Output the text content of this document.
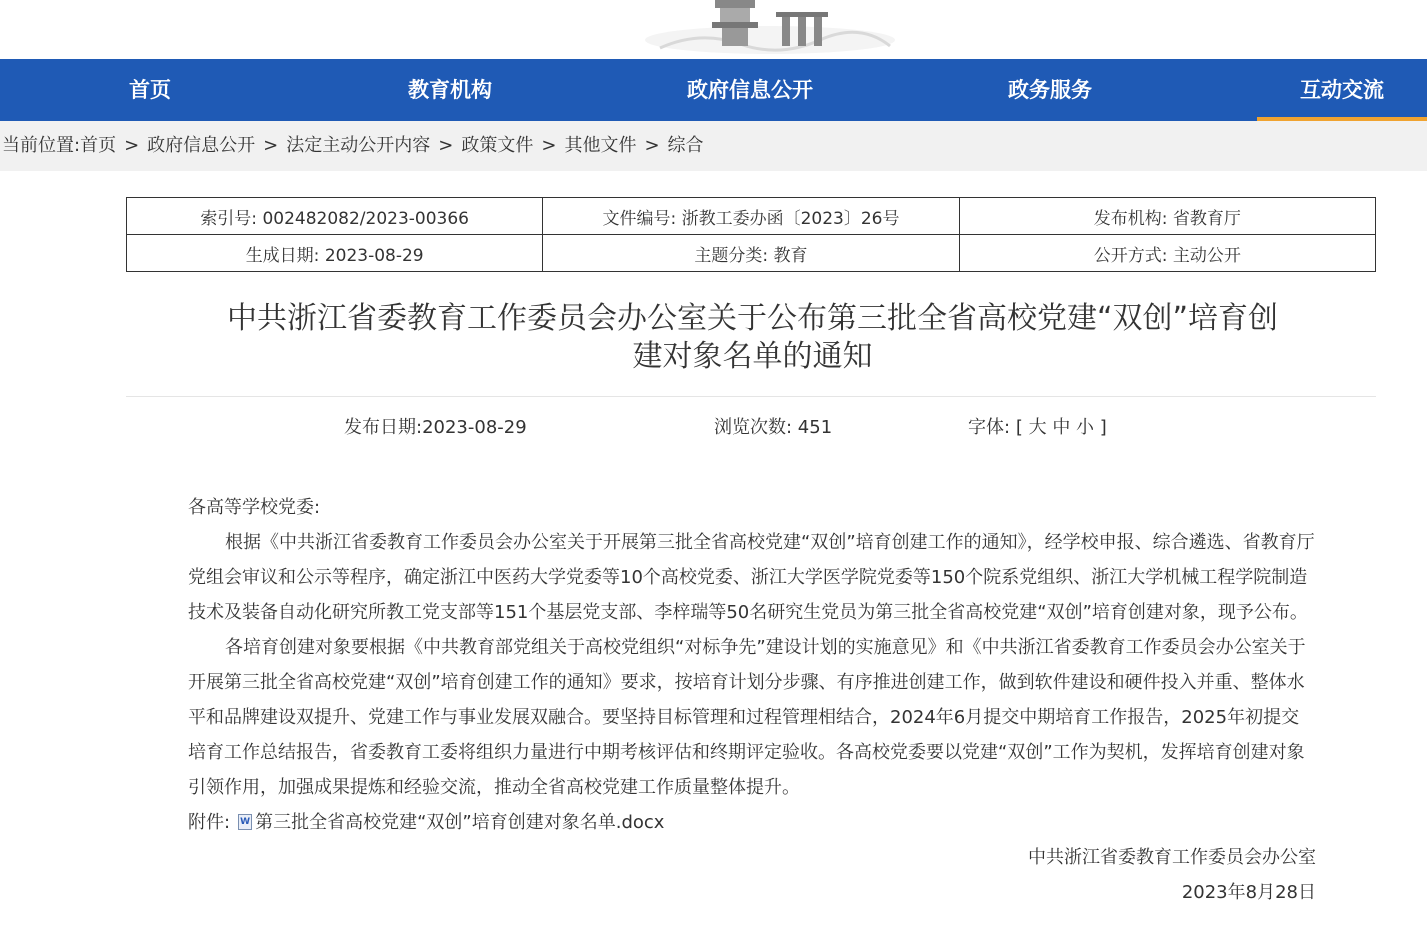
首页	教育机构	政府信息公开	政务服务	互动交流
当前位置:首页 > 政府信息公开 > 法定主动公开内容 > 政策文件 > 其他文件 > 综合
索引号: 002482082/2023-00366	文件编号: 浙教工委办函〔2023〕26号	发布机构: 省教育厅
生成日期: 2023-08-29	主题分类: 教育	公开方式: 主动公开
中共浙江省委教育工作委员会办公室关于公布第三批全省高校党建“双创”培育创
建对象名单的通知
发布日期:2023-08-29	浏览次数: 451	字体: [ 大 中 小 ]

各高等学校党委:

根据《中共浙江省委教育工作委员会办公室关于开展第三批全省高校党建“双创”培育创建工作的通知》，经学校申报、综合遴选、省教育厅党组会审议和公示等程序，确定浙江中医药大学党委等10个高校党委、浙江大学医学院党委等150个院系党组织、浙江大学机械工程学院制造技术及装备自动化研究所教工党支部等151个基层党支部、李梓瑞等50名研究生党员为第三批全省高校党建“双创”培育创建对象，现予公布。

各培育创建对象要根据《中共教育部党组关于高校党组织“对标争先”建设计划的实施意见》和《中共浙江省委教育工作委员会办公室关于开展第三批全省高校党建“双创”培育创建工作的通知》要求，按培育计划分步骤、有序推进创建工作，做到软件建设和硬件投入并重、整体水平和品牌建设双提升、党建工作与事业发展双融合。要坚持目标管理和过程管理相结合，2024年6月提交中期培育工作报告，2025年初提交培育工作总结报告，省委教育工委将组织力量进行中期考核评估和终期评定验收。各高校党委要以党建“双创”工作为契机，发挥培育创建对象引领作用，加强成果提炼和经验交流，推动全省高校党建工作质量整体提升。

附件: W 第三批全省高校党建“双创”培育创建对象名单.docx

中共浙江省委教育工作委员会办公室

2023年8月28日
